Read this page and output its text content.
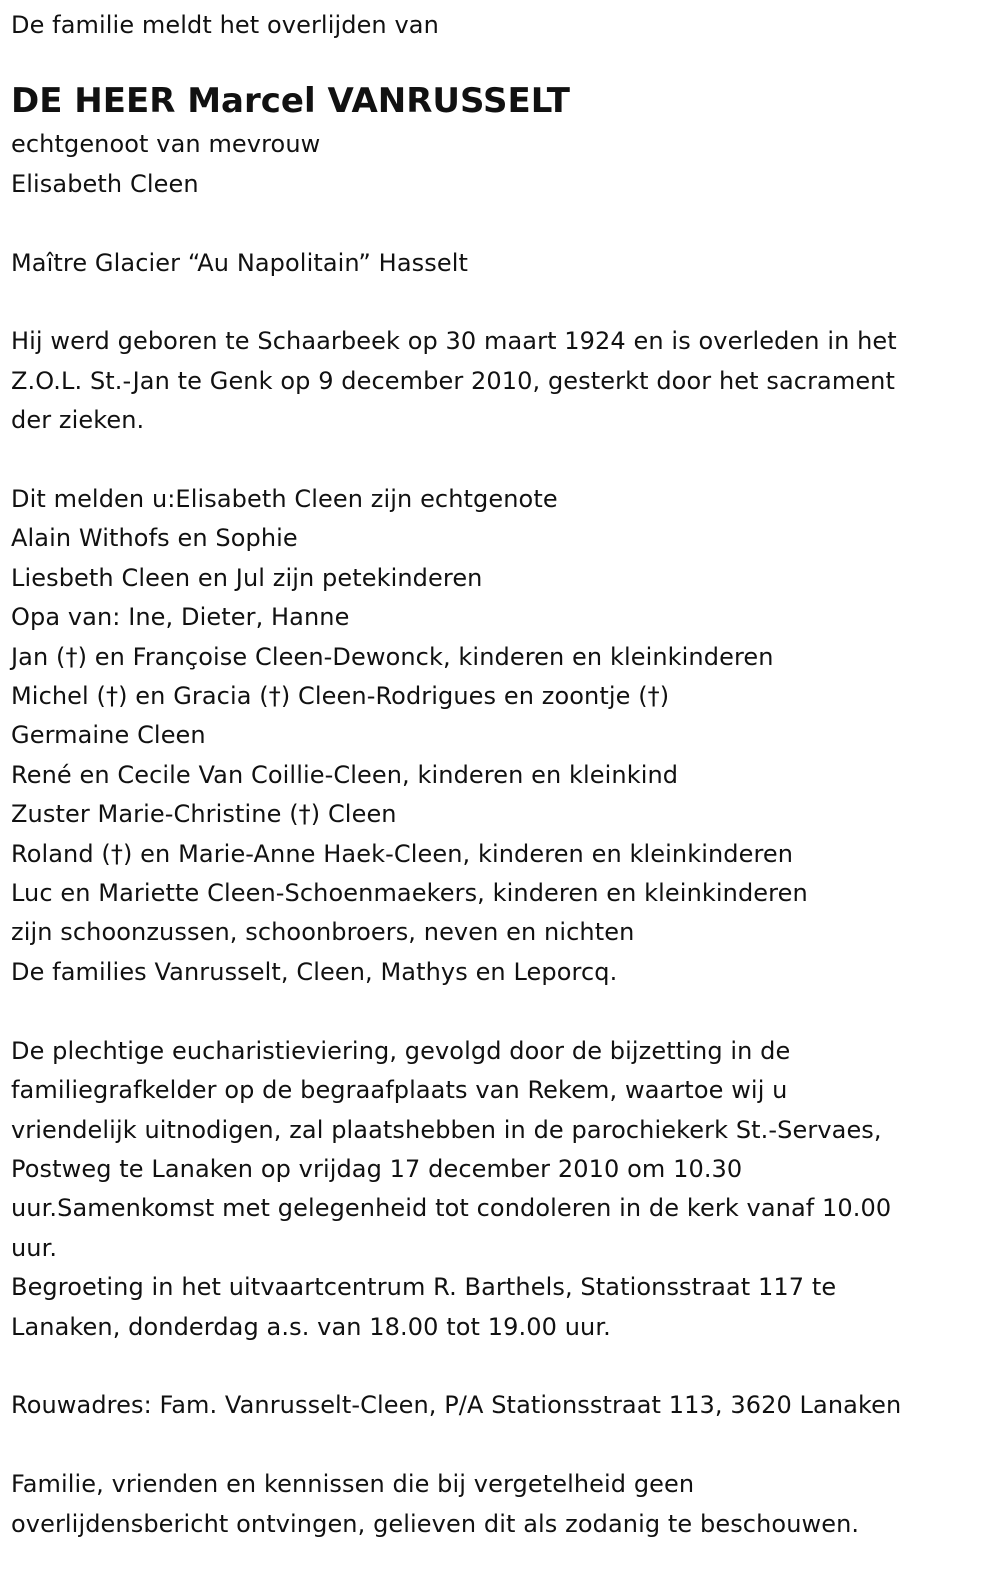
De familie meldt het overlijden van
DE HEER Marcel VANRUSSELT
echtgenoot van mevrouw
Elisabeth Cleen
Maître Glacier “Au Napolitain” Hasselt
Hij werd geboren te Schaarbeek op 30 maart 1924 en is overleden in het
Z.O.L. St.-Jan te Genk op 9 december 2010, gesterkt door het sacrament
der zieken.
Dit melden u:Elisabeth Cleen zijn echtgenote
Alain Withofs en Sophie
Liesbeth Cleen en Jul zijn petekinderen
Opa van: Ine, Dieter, Hanne
Jan (†) en Françoise Cleen-Dewonck, kinderen en kleinkinderen
Michel (†) en Gracia (†) Cleen-Rodrigues en zoontje (†)
Germaine Cleen
René en Cecile Van Coillie-Cleen, kinderen en kleinkind
Zuster Marie-Christine (†) Cleen
Roland (†) en Marie-Anne Haek-Cleen, kinderen en kleinkinderen
Luc en Mariette Cleen-Schoenmaekers, kinderen en kleinkinderen
zijn schoonzussen, schoonbroers, neven en nichten
De families Vanrusselt, Cleen, Mathys en Leporcq.
De plechtige eucharistieviering, gevolgd door de bijzetting in de
familiegrafkelder op de begraafplaats van Rekem, waartoe wij u
vriendelijk uitnodigen, zal plaatshebben in de parochiekerk St.-Servaes,
Postweg te Lanaken op vrijdag 17 december 2010 om 10.30
uur.Samenkomst met gelegenheid tot condoleren in de kerk vanaf 10.00
uur.
Begroeting in het uitvaartcentrum R. Barthels, Stationsstraat 117 te
Lanaken, donderdag a.s. van 18.00 tot 19.00 uur.
Rouwadres: Fam. Vanrusselt-Cleen, P/A Stationsstraat 113, 3620 Lanaken
Familie, vrienden en kennissen die bij vergetelheid geen
overlijdensbericht ontvingen, gelieven dit als zodanig te beschouwen.
